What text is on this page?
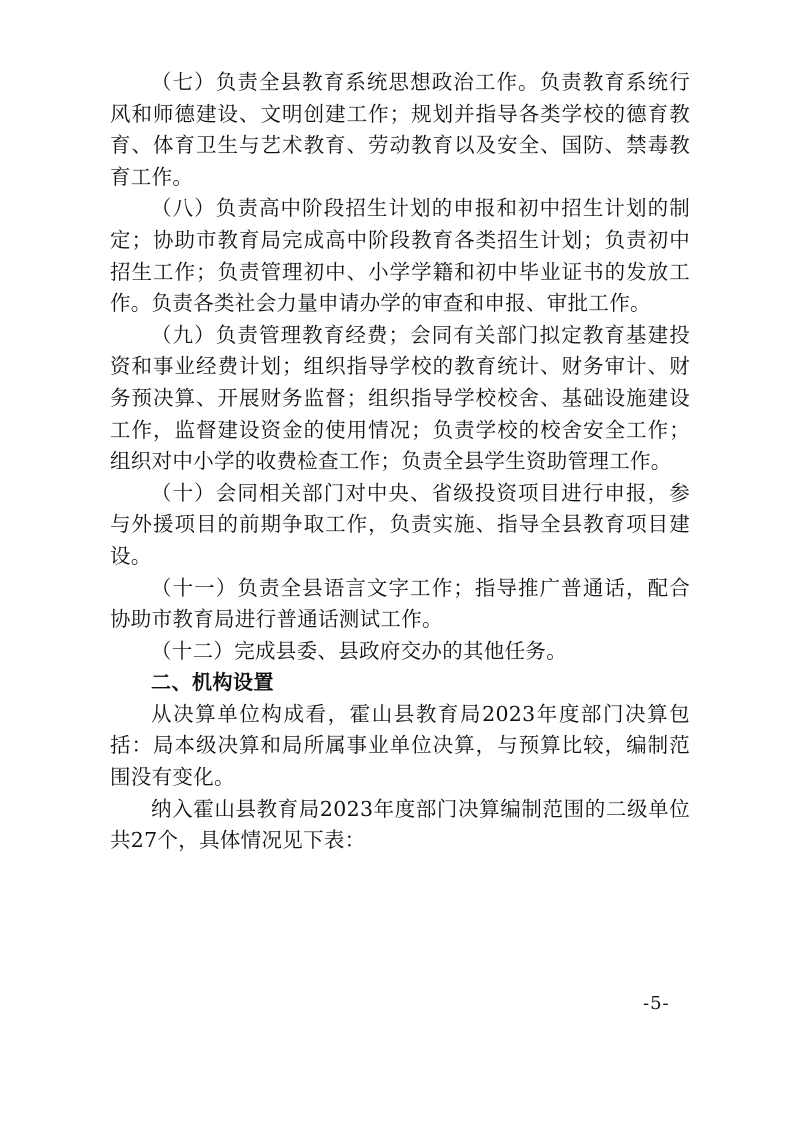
（七）负责全县教育系统思想政治工作。负责教育系统行风和师德建设、文明创建工作；规划并指导各类学校的德育教育、体育卫生与艺术教育、劳动教育以及安全、国防、禁毒教育工作。

（八）负责高中阶段招生计划的申报和初中招生计划的制定；协助市教育局完成高中阶段教育各类招生计划；负责初中招生工作；负责管理初中、小学学籍和初中毕业证书的发放工作。负责各类社会力量申请办学的审查和申报、审批工作。

（九）负责管理教育经费；会同有关部门拟定教育基建投资和事业经费计划；组织指导学校的教育统计、财务审计、财务预决算、开展财务监督；组织指导学校校舍、基础设施建设工作，监督建设资金的使用情况；负责学校的校舍安全工作；组织对中小学的收费检查工作；负责全县学生资助管理工作。

（十）会同相关部门对中央、省级投资项目进行申报，参与外援项目的前期争取工作，负责实施、指导全县教育项目建设。

（十一）负责全县语言文字工作；指导推广普通话，配合协助市教育局进行普通话测试工作。

（十二）完成县委、县政府交办的其他任务。

二、机构设置

从决算单位构成看，霍山县教育局2023年度部门决算包括：局本级决算和局所属事业单位决算，与预算比较，编制范围没有变化。

纳入霍山县教育局2023年度部门决算编制范围的二级单位共27个，具体情况见下表：

-5-
